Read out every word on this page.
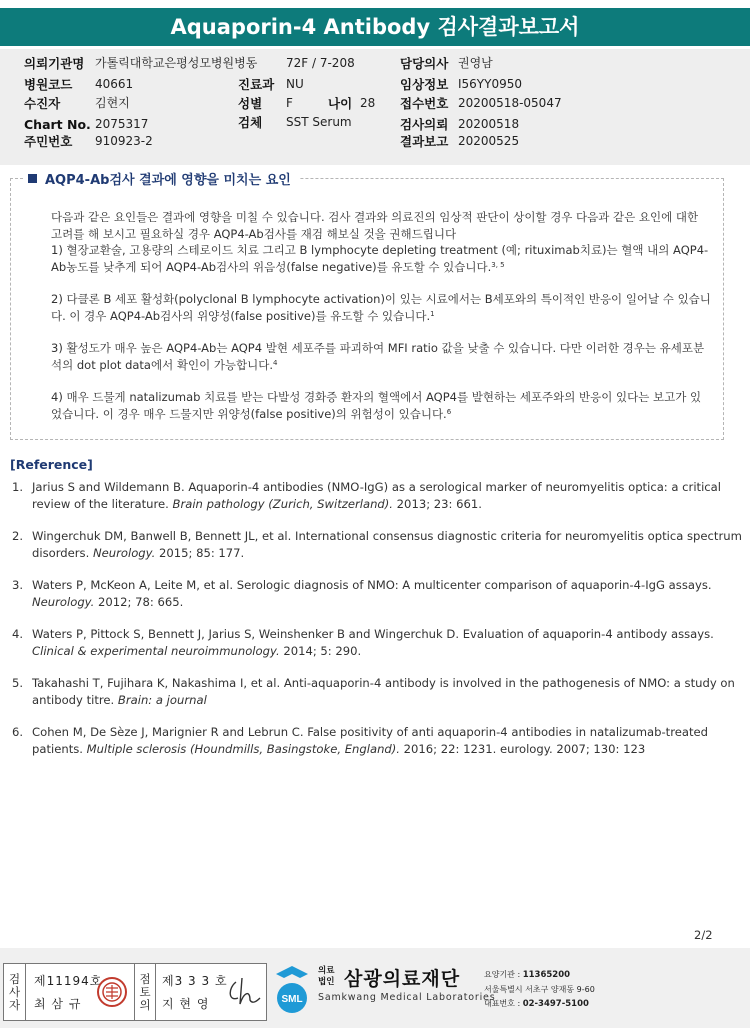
Aquaporin-4 Antibody 검사결과보고서
의뢰기관명 가톨릭대학교은평성모병원병동 72F / 7-208	담당의사 권영남
병원코드 40661	진료과 NU	임상정보 I56YY0950
수진자	김현지	성별 F	나이 28 접수번호 20200518-05047
Chart No. 2075317	검체 SST Serum	검사의뢰 20200518
주민번호 910923-2	결과보고 20200525

다음과 같은 요인들은 결과에 영향을 미칠 수 있습니다. 검사 결과와 의료진의 임상적 판단이 상이할 경우 다음과 같은 요인에 대한 고려를 해 보시고 필요하실 경우 AQP4-Ab검사를 재검 해보실 것을 권해드립니다

1) 혈장교환술, 고용량의 스테로이드 치료 그리고 B lymphocyte depleting treatment (예; rituximab치료)는 혈액 내의 AQP4-Ab농도를 낮추게 되어 AQP4-Ab검사의 위음성(false negative)를 유도할 수 있습니다.$^{3, 5}$

2) 다클론 B 세포 활성화(polyclonal B lymphocyte activation)이 있는 시료에서는 B세포와의 특이적인 반응이 일어날 수 있습니다. 이 경우 AQP4-Ab검사의 위양성(false positive)를 유도할 수 있습니다.$^1$

3) 활성도가 매우 높은 AQP4-Ab는 AQP4 발현 세포주를 파괴하여 MFI ratio 값을 낮출 수 있습니다. 다만 이러한 경우는 유세포분석의 dot plot data에서 확인이 가능합니다.$^4$

4) 매우 드물게 natalizumab 치료를 받는 다발성 경화증 환자의 혈액에서 AQP4를 발현하는 세포주와의 반응이 있다는 보고가 있었습니다. 이 경우 매우 드물지만 위양성(false positive)의 위험성이 있습니다.$^6$

AQP4-Ab검사 결과에 영향을 미치는 요인
[Reference]
1. Jarius S and Wildemann B. Aquaporin-4 antibodies (NMO-IgG) as a serological marker of neuromyelitis optica: a critical review of the literature. Brain pathology (Zurich, Switzerland). 2013; 23: 661.
2. Wingerchuk DM, Banwell B, Bennett JL, et al. International consensus diagnostic criteria for neuromyelitis optica spectrum disorders. Neurology. 2015; 85: 177.
3. Waters P, McKeon A, Leite M, et al. Serologic diagnosis of NMO: A multicenter comparison of aquaporin-4-IgG assays. Neurology. 2012; 78: 665.
4. Waters P, Pittock S, Bennett J, Jarius S, Weinshenker B and Wingerchuk D. Evaluation of aquaporin-4 antibody assays. Clinical & experimental neuroimmunology. 2014; 5: 290.
5. Takahashi T, Fujihara K, Nakashima I, et al. Anti-aquaporin-4 antibody is involved in the pathogenesis of NMO: a study on antibody titre. Brain: a journal
6. Cohen M, De Sèze J, Marignier R and Lebrun C. False positivity of anti aquaporin-4 antibodies in natalizumab-treated patients. Multiple sclerosis (Houndmills, Basingstoke, England). 2016; 22: 1231. eurology. 2007; 130: 123
2/2
검사자
제11194호
최 삼 규
점토의
제3 3 3 호
지 현 영	SML
의료 법인 삼광의료재단
Samkwang Medical Laboratories
요양기관 : 11365200
서울특별시 서초구 양재동 9-60
대표번호 : 02-3497-5100
